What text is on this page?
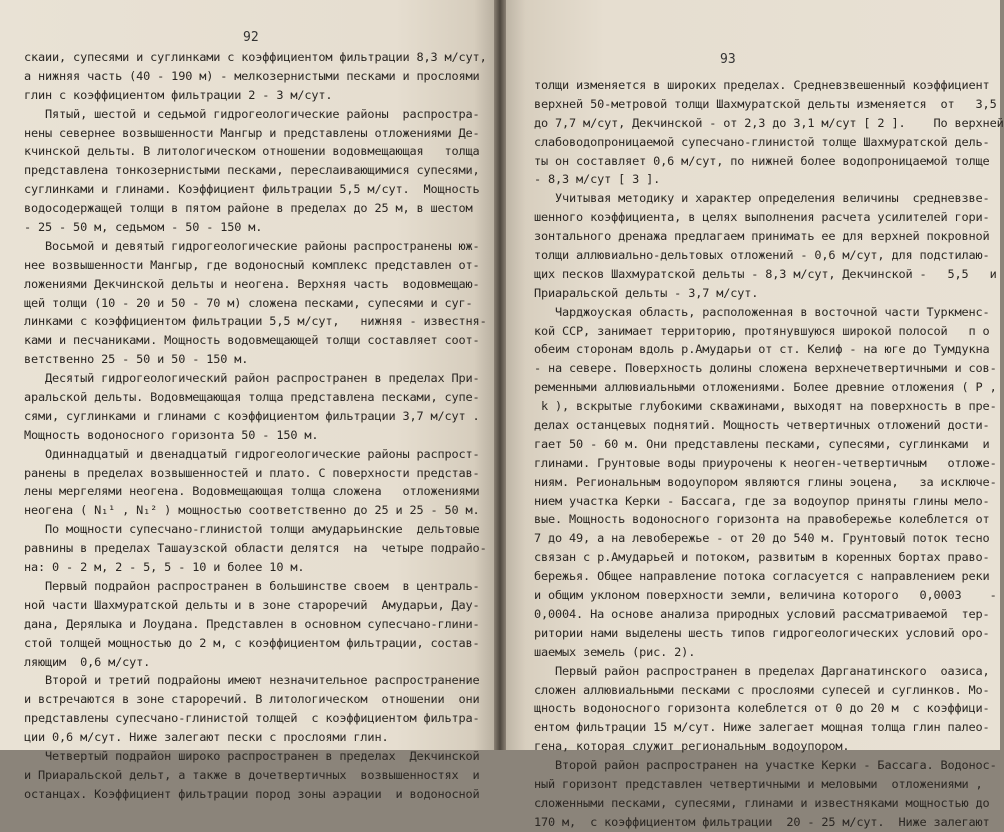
92
скаии, супесями и суглинками с коэффициентом фильтрации 8,3 м/сут,
а нижняя часть (40 - 190 м) - мелкозернистыми песками и прослоями
глин с коэффициентом фильтрации 2 - 3 м/сут.
Пятый, шестой и седьмой гидрогеологические районы  распростра-
нены севернее возвышенности Мангыр и представлены отложениями Де-
кчинской дельты. В литологическом отношении водовмещающая   толща
представлена тонкозернистыми песками, переслаивающимися супесями,
суглинками и глинами. Коэффициент фильтрации 5,5 м/сут.  Мощность
водосодержащей толщи в пятом районе в пределах до 25 м, в шестом
- 25 - 50 м, седьмом - 50 - 150 м.
Восьмой и девятый гидрогеологические районы распространены юж-
нее возвышенности Мангыр, где водоносный комплекс представлен от-
ложениями Декчинской дельты и неогена. Верхняя часть  водовмещаю-
щей толщи (10 - 20 и 50 - 70 м) сложена песками, супесями и суг-
линками с коэффициентом фильтрации 5,5 м/сут,   нижняя - известня-
ками и песчаниками. Мощность водовмещающей толщи составляет соот-
ветственно 25 - 50 и 50 - 150 м.
Десятый гидрогеологический район распространен в пределах При-
аральской дельты. Водовмещающая толща представлена песками, супе-
сями, суглинками и глинами с коэффициентом фильтрации 3,7 м/сут .
Мощность водоносного горизонта 50 - 150 м.
Одиннадцатый и двенадцатый гидрогеологические районы распрост-
ранены в пределах возвышенностей и плато. С поверхности представ-
лены мергелями неогена. Водовмещающая толща сложена   отложениями
неогена ( N₁¹ , N₁² ) мощностью соответственно до 25 и 25 - 50 м.
По мощности супесчано-глинистой толщи амударьинские  дельтовые
равнины в пределах Ташаузской области делятся  на  четыре подрайо-
на: 0 - 2 м, 2 - 5, 5 - 10 и более 10 м.
Первый подрайон распространен в большинстве своем  в централь-
ной части Шахмуратской дельты и в зоне староречий  Амударьи, Дау-
дана, Дерялыка и Лоудана. Представлен в основном супесчано-глини-
стой толщей мощностью до 2 м, с коэффициентом фильтрации, состав-
ляющим  0,6 м/сут.
Второй и третий подрайоны имеют незначительное распространение
и встречаются в зоне староречий. В литологическом  отношении  они
представлены супесчано-глинистой толщей  с коэффициентом фильтра-
ции 0,6 м/сут. Ниже залегают пески с прослоями глин.
Четвертый подрайон широко распространен в пределах  Декчинской
и Приаральской дельт, а также в дочетвертичных  возвышенностях  и
останцах. Коэффициент фильтрации пород зоны аэрации  и водоносной
93
толщи изменяется в широких пределах. Средневзвешенный коэффициент
верхней 50-метровой толщи Шахмуратской дельты изменяется  от   3,5
до 7,7 м/сут, Декчинской - от 2,3 до 3,1 м/сут [ 2 ].    По верхней
слабоводопроницаемой супесчано-глинистой толще Шахмуратской дель-
ты он составляет 0,6 м/сут, по нижней более водопроницаемой толще
- 8,3 м/сут [ 3 ].
Учитывая методику и характер определения величины  средневзве-
шенного коэффициента, в целях выполнения расчета усилителей гори-
зонтального дренажа предлагаем принимать ее для верхней покровной
толщи аллювиально-дельтовых отложений - 0,6 м/сут, для подстилаю-
щих песков Шахмуратской дельты - 8,3 м/сут, Декчинской -   5,5   и
Приаральской дельты - 3,7 м/сут.
Чарджоуская область, расположенная в восточной части Туркменс-
кой ССР, занимает территорию, протянувшуюся широкой полосой   п о
обеим сторонам вдоль р.Амударьи от ст. Келиф - на юге до Тумдукна
- на севере. Поверхность долины сложена верхнечетвертичными и сов-
ременными аллювиальными отложениями. Более древние отложения ( P ,
k ), вскрытые глубокими скважинами, выходят на поверхность в пре-
делах останцевых поднятий. Мощность четвертичных отложений дости-
гает 50 - 60 м. Они представлены песками, супесями, суглинками  и
глинами. Грунтовые воды приурочены к неоген-четвертичным   отложе-
ниям. Региональным водоупором являются глины эоцена,   за исключе-
нием участка Керки - Бассага, где за водоупор приняты глины мело-
вые. Мощность водоносного горизонта на правобережье колеблется от
7 до 49, а на левобережье - от 20 до 540 м. Грунтовый поток тесно
связан с р.Амударьей и потоком, развитым в коренных бортах право-
бережья. Общее направление потока согласуется с направлением реки
и общим уклоном поверхности земли, величина которого   0,0003    -
0,0004. На основе анализа природных условий рассматриваемой  тер-
ритории нами выделены шесть типов гидрогеологических условий оро-
шаемых земель (рис. 2).
Первый район распространен в пределах Дарганатинского  оазиса,
сложен аллювиальными песками с прослоями супесей и суглинков. Мо-
щность водоносного горизонта колеблется от 0 до 20 м  с коэффици-
ентом фильтрации 15 м/сут. Ниже залегает мощная толща глин палео-
гена, которая служит региональным водоупором.
Второй район распространен на участке Керки - Бассага. Водонос-
ный горизонт представлен четвертичными и меловыми  отложениями ,
сложенными песками, супесями, глинами и известняками мощностью до
170 м,  с коэффициентом фильтрации  20 - 25 м/сут.  Ниже залегают
